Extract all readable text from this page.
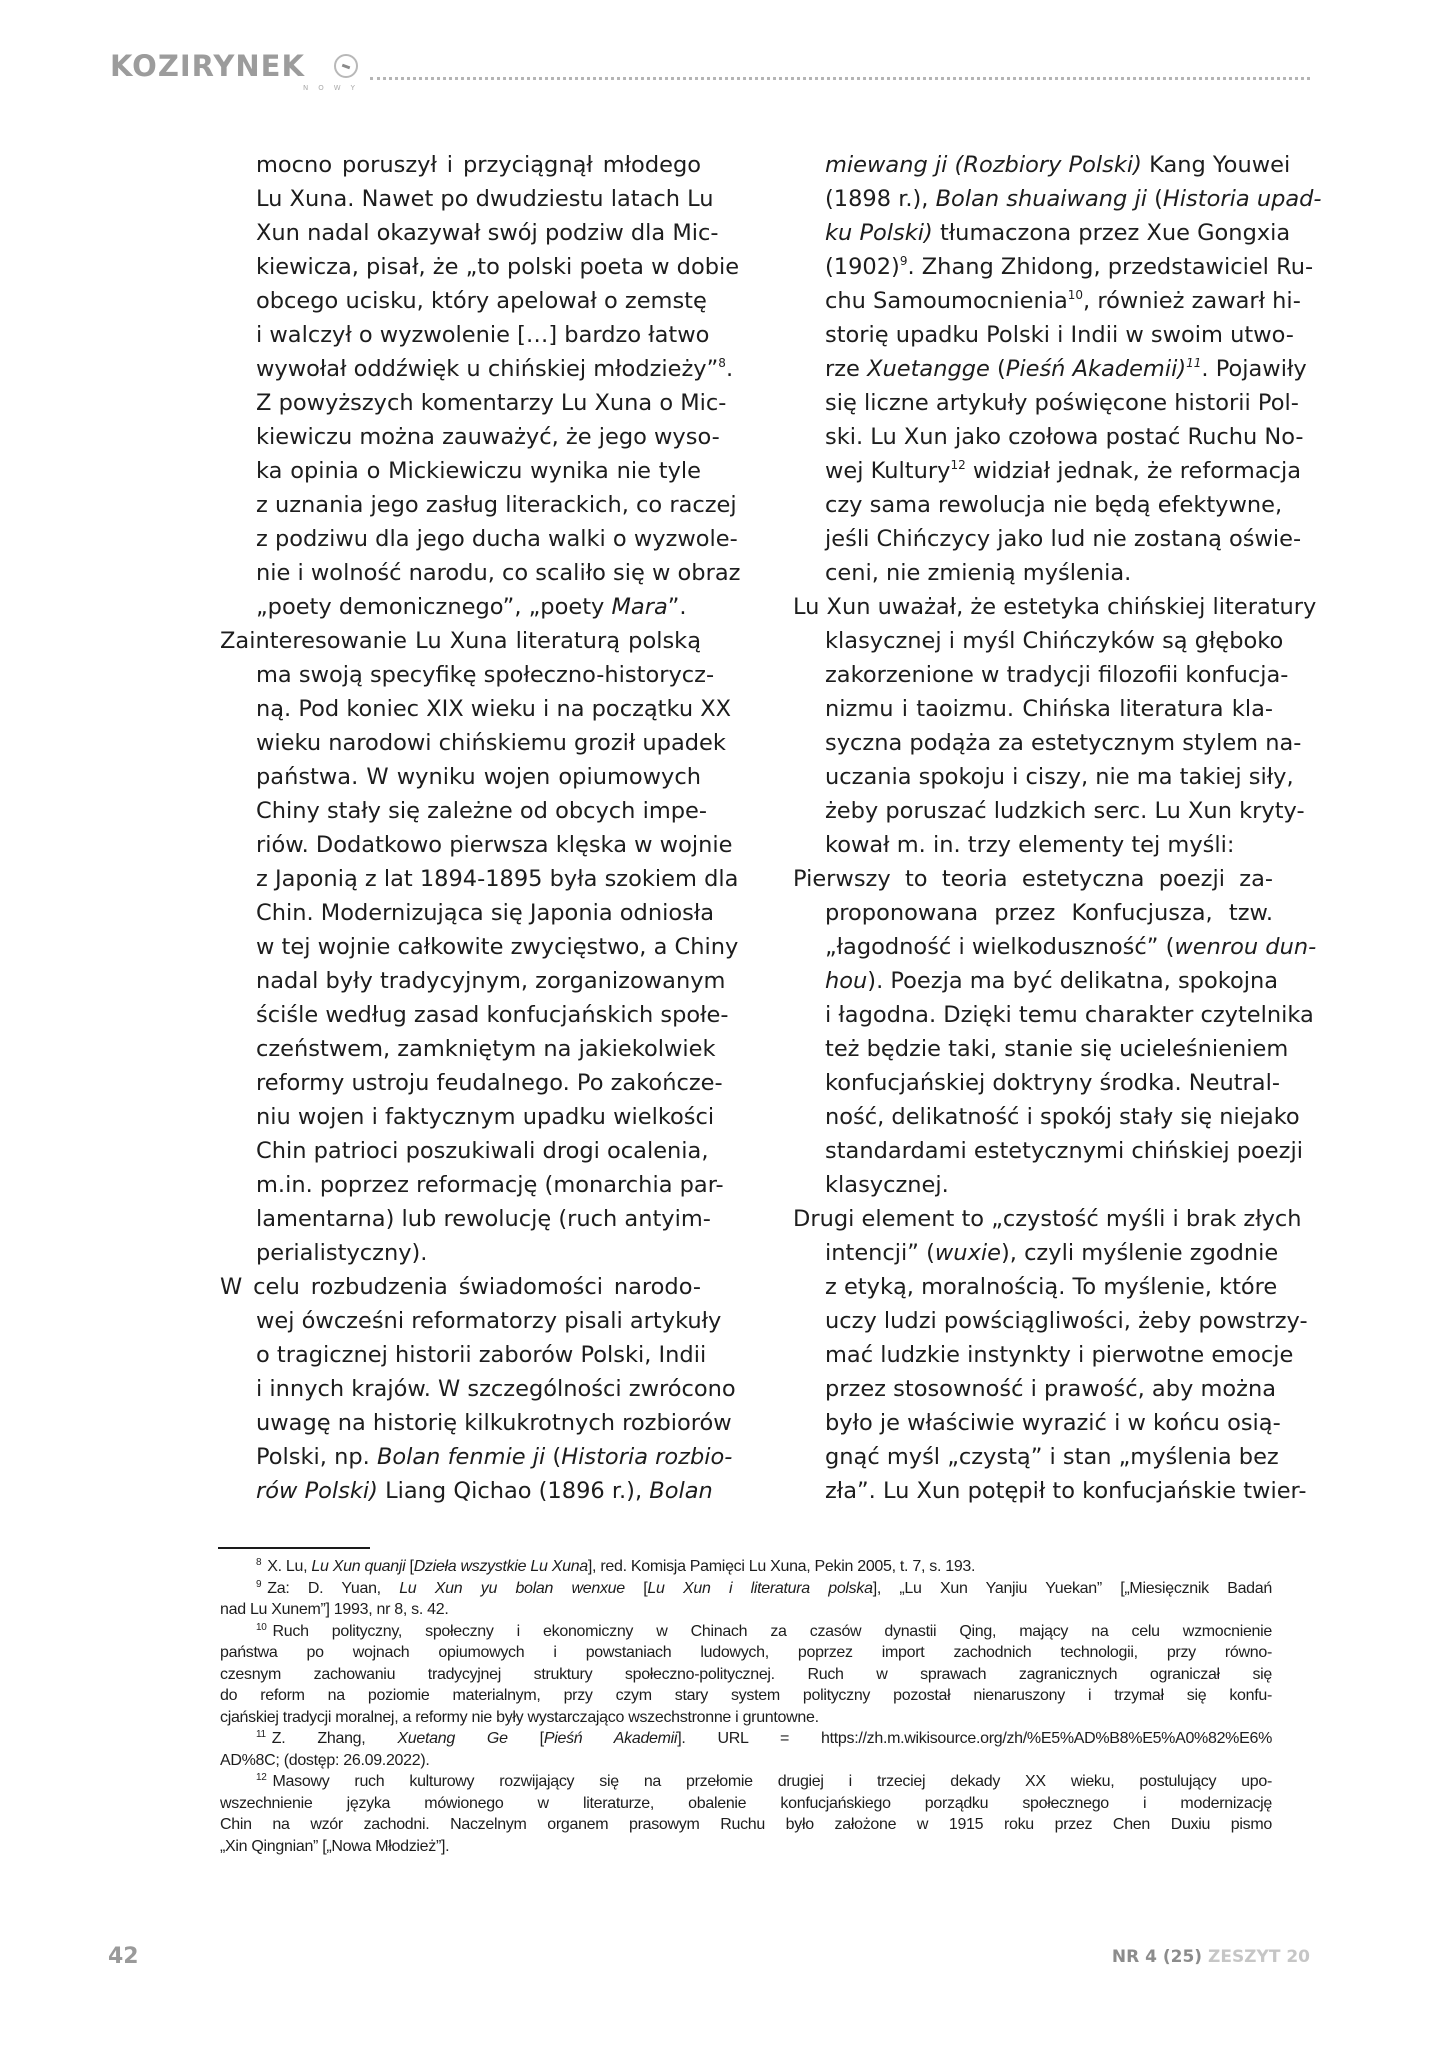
KOZIRYNEK
NOWY
mocno poruszył i przyciągnął młodego
Lu Xuna. Nawet po dwudziestu latach Lu
Xun nadal okazywał swój podziw dla Mic-
kiewicza, pisał, że „to polski poeta w dobie
obcego ucisku, który apelował o zemstę
i walczył o wyzwolenie […] bardzo łatwo
wywołał oddźwięk u chińskiej młodzieży”$^8$.
Z powyższych komentarzy Lu Xuna o Mic-
kiewiczu można zauważyć, że jego wyso-
ka opinia o Mickiewiczu wynika nie tyle
z uznania jego zasług literackich, co raczej
z podziwu dla jego ducha walki o wyzwole-
nie i wolność narodu, co scaliło się w obraz
„poety demonicznego”, „poety Mara”.
Zainteresowanie Lu Xuna literaturą polską
ma swoją specyfikę społeczno-historycz-
ną. Pod koniec XIX wieku i na początku XX
wieku narodowi chińskiemu groził upadek
państwa. W wyniku wojen opiumowych
Chiny stały się zależne od obcych impe-
riów. Dodatkowo pierwsza klęska w wojnie
z Japonią z lat 1894-1895 była szokiem dla
Chin. Modernizująca się Japonia odniosła
w tej wojnie całkowite zwycięstwo, a Chiny
nadal były tradycyjnym, zorganizowanym
ściśle według zasad konfucjańskich społe-
czeństwem, zamkniętym na jakiekolwiek
reformy ustroju feudalnego. Po zakończe-
niu wojen i faktycznym upadku wielkości
Chin patrioci poszukiwali drogi ocalenia,
m.in. poprzez reformację (monarchia par-
lamentarna) lub rewolucję (ruch antyim-
perialistyczny).
W celu rozbudzenia świadomości narodo-
wej ówcześni reformatorzy pisali artykuły
o tragicznej historii zaborów Polski, Indii
i innych krajów. W szczególności zwrócono
uwagę na historię kilkukrotnych rozbiorów
Polski, np. Bolan fenmie ji (Historia rozbio-
rów Polski) Liang Qichao (1896 r.), Bolan
miewang ji (Rozbiory Polski) Kang Youwei
(1898 r.), Bolan shuaiwang ji (Historia upad-
ku Polski) tłumaczona przez Xue Gongxia
$(1902)^9$. Zhang Zhidong, przedstawiciel Ru-
chu Samoumocnienia$^{10}$, również zawarł hi-
storię upadku Polski i Indii w swoim utwo-
rze Xuetangge (Pieśń Akademii)$^{11}$. Pojawiły
się liczne artykuły poświęcone historii Pol-
ski. Lu Xun jako czołowa postać Ruchu No-
wej Kultury$^{12}$ widział jednak, że reformacja
czy sama rewolucja nie będą efektywne,
jeśli Chińczycy jako lud nie zostaną oświe-
ceni, nie zmienią myślenia.
Lu Xun uważał, że estetyka chińskiej literatury
klasycznej i myśl Chińczyków są głęboko
zakorzenione w tradycji filozofii konfucja-
nizmu i taoizmu. Chińska literatura kla-
syczna podąża za estetycznym stylem na-
uczania spokoju i ciszy, nie ma takiej siły,
żeby poruszać ludzkich serc. Lu Xun kryty-
kował m. in. trzy elementy tej myśli:
Pierwszy to teoria estetyczna poezji za-
proponowana przez Konfucjusza, tzw.
„łagodność i wielkoduszność” (wenrou dun-
hou). Poezja ma być delikatna, spokojna
i łagodna. Dzięki temu charakter czytelnika
też będzie taki, stanie się ucieleśnieniem
konfucjańskiej doktryny środka. Neutral-
ność, delikatność i spokój stały się niejako
standardami estetycznymi chińskiej poezji
klasycznej.
Drugi element to „czystość myśli i brak złych
intencji” (wuxie), czyli myślenie zgodnie
z etyką, moralnością. To myślenie, które
uczy ludzi powściągliwości, żeby powstrzy-
mać ludzkie instynkty i pierwotne emocje
przez stosowność i prawość, aby można
było je właściwie wyrazić i w końcu osią-
gnąć myśl „czystą” i stan „myślenia bez
zła”. Lu Xun potępił to konfucjańskie twier-
$^8$ X. Lu, Lu Xun quanji [Dzieła wszystkie Lu Xuna], red. Komisja Pamięci Lu Xuna, Pekin 2005, t. 7, s. 193.
$^9$ Za: D. Yuan, Lu Xun yu bolan wenxue [Lu Xun i literatura polska], „Lu Xun Yanjiu Yuekan” [„Miesięcznik Badań
nad Lu Xunem”] 1993, nr 8, s. 42.
$^{10}$ Ruch polityczny, społeczny i ekonomiczny w Chinach za czasów dynastii Qing, mający na celu wzmocnienie
państwa po wojnach opiumowych i powstaniach ludowych, poprzez import zachodnich technologii, przy równo-
czesnym zachowaniu tradycyjnej struktury społeczno-politycznej. Ruch w sprawach zagranicznych ograniczał się
do reform na poziomie materialnym, przy czym stary system polityczny pozostał nienaruszony i trzymał się konfu-
cjańskiej tradycji moralnej, a reformy nie były wystarczająco wszechstronne i gruntowne.
$^{11}$ Z. Zhang, Xuetang Ge [Pieśń Akademii]. URL = https://zh.m.wikisource.org/zh/%E5%AD%B8%E5%A0%82%E6%
AD%8C; (dostęp: 26.09.2022).
$^{12}$ Masowy ruch kulturowy rozwijający się na przełomie drugiej i trzeciej dekady XX wieku, postulujący upo-
wszechnienie języka mówionego w literaturze, obalenie konfucjańskiego porządku społecznego i modernizację
Chin na wzór zachodni. Naczelnym organem prasowym Ruchu było założone w 1915 roku przez Chen Duxiu pismo
„Xin Qingnian” [„Nowa Młodzież”].
42	NR 4 (25) ZESZYT 20
